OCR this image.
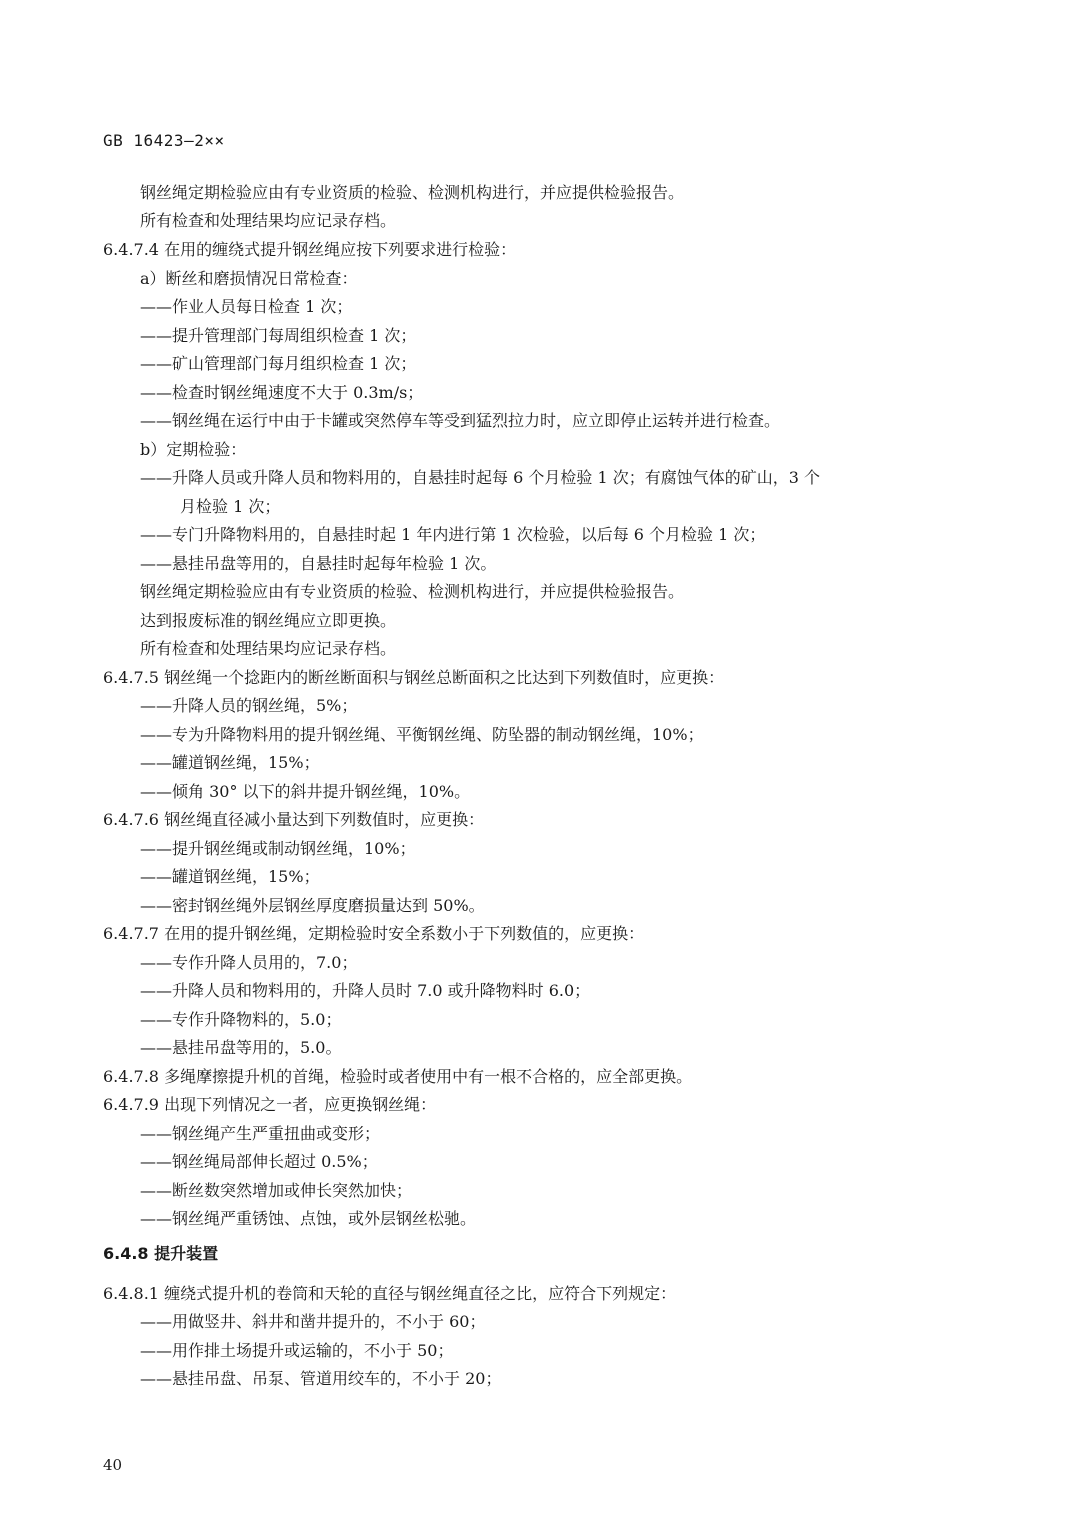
GB 16423—2××
钢丝绳定期检验应由有专业资质的检验、检测机构进行，并应提供检验报告。
所有检查和处理结果均应记录存档。
6.4.7.4 在用的缠绕式提升钢丝绳应按下列要求进行检验：
a）断丝和磨损情况日常检查：
——作业人员每日检查 1 次；
——提升管理部门每周组织检查 1 次；
——矿山管理部门每月组织检查 1 次；
——检查时钢丝绳速度不大于 0.3m/s；
——钢丝绳在运行中由于卡罐或突然停车等受到猛烈拉力时，应立即停止运转并进行检查。
b）定期检验：
——升降人员或升降人员和物料用的，自悬挂时起每 6 个月检验 1 次；有腐蚀气体的矿山，3 个
月检验 1 次；
——专门升降物料用的，自悬挂时起 1 年内进行第 1 次检验，以后每 6 个月检验 1 次；
——悬挂吊盘等用的，自悬挂时起每年检验 1 次。
钢丝绳定期检验应由有专业资质的检验、检测机构进行，并应提供检验报告。
达到报废标准的钢丝绳应立即更换。
所有检查和处理结果均应记录存档。
6.4.7.5 钢丝绳一个捻距内的断丝断面积与钢丝总断面积之比达到下列数值时，应更换：
——升降人员的钢丝绳，5%；
——专为升降物料用的提升钢丝绳、平衡钢丝绳、防坠器的制动钢丝绳，10%；
——罐道钢丝绳，15%；
——倾角 30° 以下的斜井提升钢丝绳，10%。
6.4.7.6 钢丝绳直径减小量达到下列数值时，应更换：
——提升钢丝绳或制动钢丝绳，10%；
——罐道钢丝绳，15%；
——密封钢丝绳外层钢丝厚度磨损量达到 50%。
6.4.7.7 在用的提升钢丝绳，定期检验时安全系数小于下列数值的，应更换：
——专作升降人员用的，7.0；
——升降人员和物料用的，升降人员时 7.0 或升降物料时 6.0；
——专作升降物料的，5.0；
——悬挂吊盘等用的，5.0。
6.4.7.8 多绳摩擦提升机的首绳，检验时或者使用中有一根不合格的，应全部更换。
6.4.7.9 出现下列情况之一者，应更换钢丝绳：
——钢丝绳产生严重扭曲或变形；
——钢丝绳局部伸长超过 0.5%；
——断丝数突然增加或伸长突然加快；
——钢丝绳严重锈蚀、点蚀，或外层钢丝松驰。
6.4.8.1 缠绕式提升机的卷筒和天轮的直径与钢丝绳直径之比，应符合下列规定：
——用做竖井、斜井和凿井提升的，不小于 60；
——用作排土场提升或运输的，不小于 50；
——悬挂吊盘、吊泵、管道用绞车的，不小于 20；
6.4.8 提升装置
40
